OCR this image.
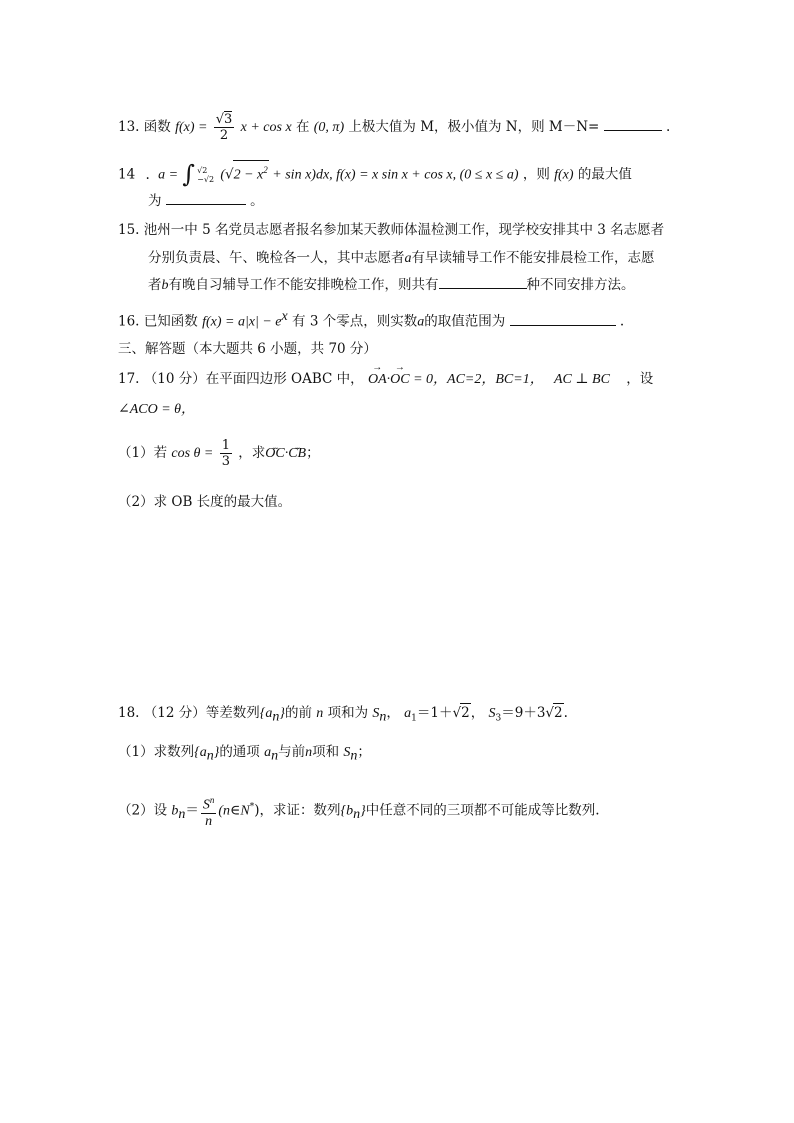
13. 函数 $f(x) = \frac{√3}{2}$ x + cos x 在 (0, π) 上极大值为 M，极小值为 N，则 M－N=	.
14 . a = ∫ √2
−√2 $(√2 - x^2 + \sin x)dx$, f(x) = x sin x + cos x, (0 ≤ x ≤ a) ，则 f(x) 的最大值
为	。
15. 池州一中 5 名党员志愿者报名参加某天教师体温检测工作，现学校安排其中 3 名志愿者
分别负责晨、午、晚检各一人，其中志愿者a有早读辅导工作不能安排晨检工作，志愿
者b有晚自习辅导工作不能安排晚检工作，则共有	种不同安排方法。
16. 已知函数 $f(x) = a|x| - e^x$ 有 3 个零点，则实数a的取值范围为	.
三、解答题（本大题共 6 小题，共 70 分）
17. （10 分）在平面四边形 OABC 中， → OA·→ OC = 0，AC=2，BC=1， AC ⊥ BC ，设
∠ACO = θ，
（1）若 $\cos \theta = \frac{1}{3}$ ，求ꞈꞈꞈ OC·ꞈꞈꞈ CB；
（2）求 OB 长度的最大值。
18. （12 分）等差数列$\{a_n\}$的前 n 项和为 $S_n$， $a_1=1+√2$， $S_3=9+3√2$.
（1）求数列$\{a_n\}$的通项 $a_n$与前n项和 $S_n$；
（2）设 $b_n= \frac{S^n}{n}$ (n∈N*)，求证：数列$\{b_n\}$中任意不同的三项都不可能成等比数列.
